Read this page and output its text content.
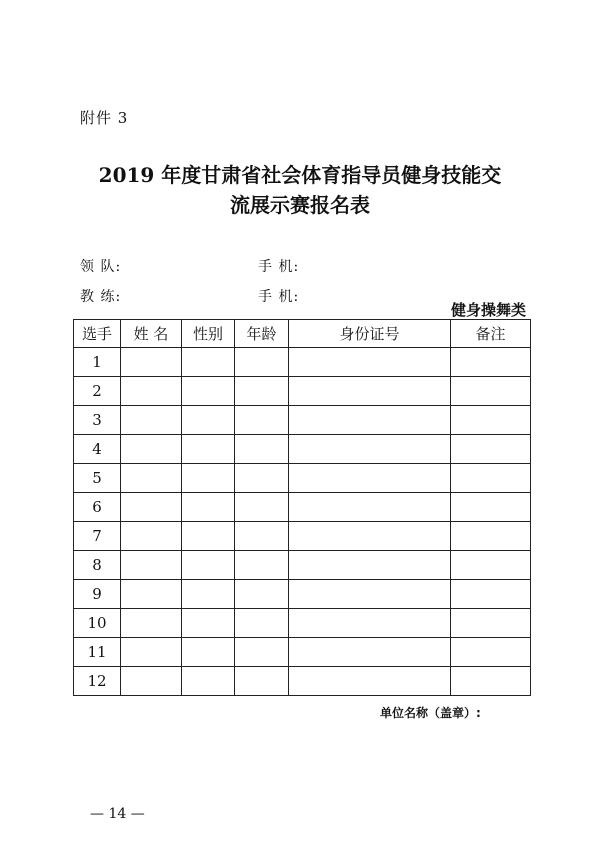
附件 3
2019 年度甘肃省社会体育指导员健身技能交
流展示赛报名表
领 队:	手 机:
教 练:	手 机:
健身操舞类
选手	姓 名	性别	年龄	身份证号	备注
1					
2					
3					
4					
5					
6					
7					
8					
9					
10					
11					
12					
单位名称（盖章）:
— 14 —
